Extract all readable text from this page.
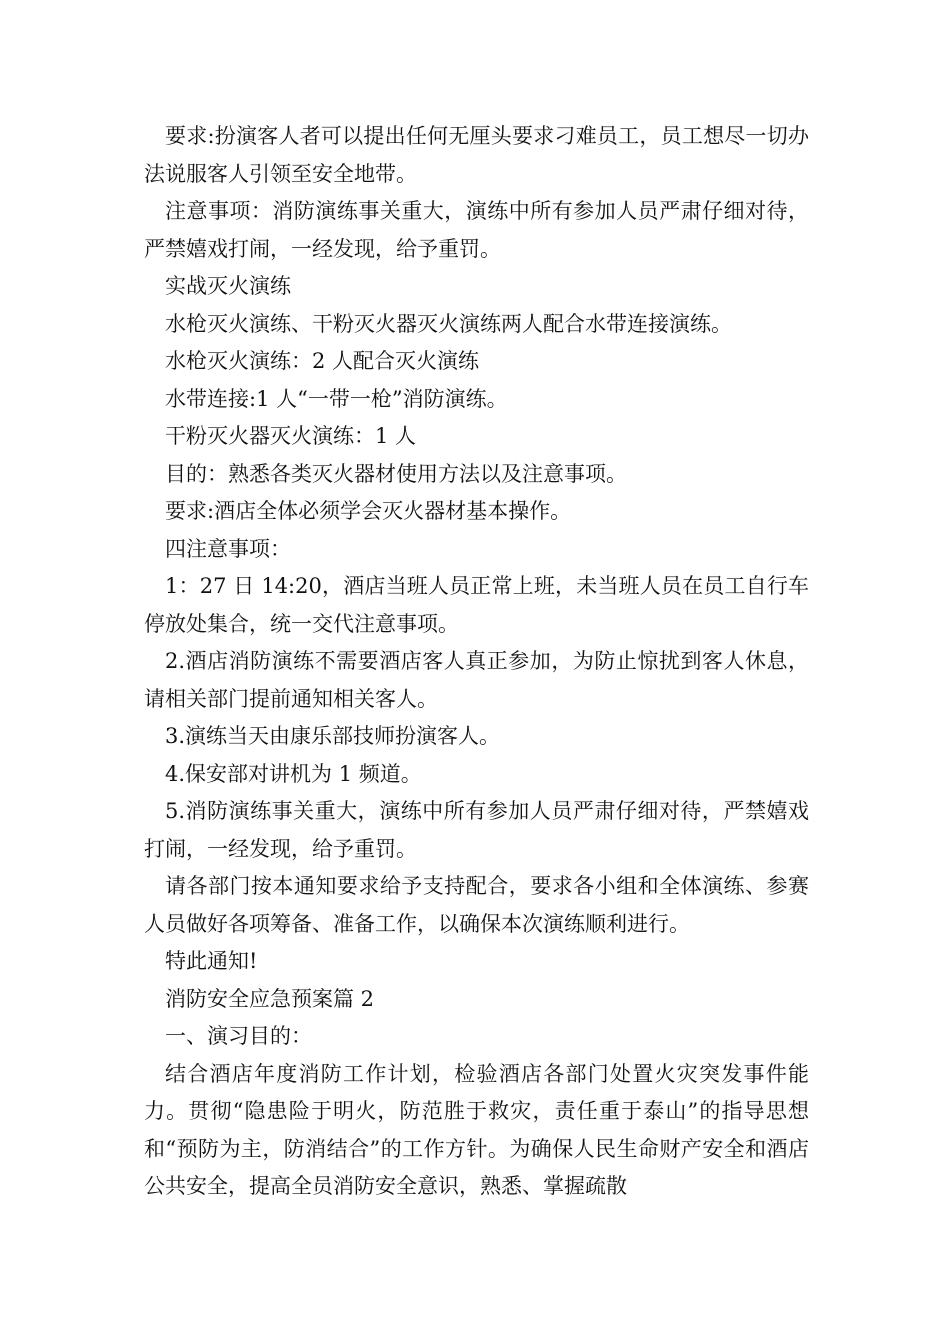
要求:扮演客人者可以提出任何无厘头要求刁难员工，员工想尽一切办法说服客人引领至安全地带。

注意事项：消防演练事关重大，演练中所有参加人员严肃仔细对待，严禁嬉戏打闹，一经发现，给予重罚。

实战灭火演练

水枪灭火演练、干粉灭火器灭火演练两人配合水带连接演练。

水枪灭火演练：2 人配合灭火演练

水带连接:1 人“一带一枪”消防演练。

干粉灭火器灭火演练：1 人

目的：熟悉各类灭火器材使用方法以及注意事项。

要求:酒店全体必须学会灭火器材基本操作。

四注意事项：

1：27 日 14:20，酒店当班人员正常上班，未当班人员在员工自行车停放处集合，统一交代注意事项。

2.酒店消防演练不需要酒店客人真正参加，为防止惊扰到客人休息，请相关部门提前通知相关客人。

3.演练当天由康乐部技师扮演客人。

4.保安部对讲机为 1 频道。

5.消防演练事关重大，演练中所有参加人员严肃仔细对待，严禁嬉戏打闹，一经发现，给予重罚。

请各部门按本通知要求给予支持配合，要求各小组和全体演练、参赛人员做好各项筹备、准备工作，以确保本次演练顺利进行。

特此通知!

消防安全应急预案篇 2

一、演习目的：

结合酒店年度消防工作计划，检验酒店各部门处置火灾突发事件能力。贯彻“隐患险于明火，防范胜于救灾，责任重于泰山”的指导思想和“预防为主，防消结合”的工作方针。为确保人民生命财产安全和酒店公共安全，提高全员消防安全意识，熟悉、掌握疏散
